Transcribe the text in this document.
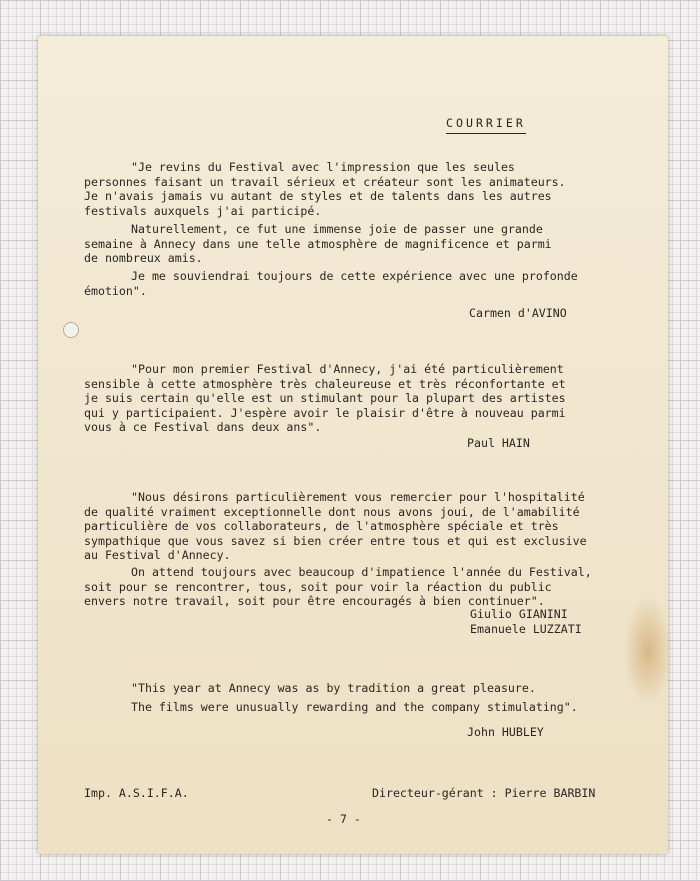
COURRIER

"Je revins du Festival avec l'impression que les seules

personnes faisant un travail sérieux et créateur sont les animateurs.

Je n'avais jamais vu autant de styles et de talents dans les autres

festivals auxquels j'ai participé.

Naturellement, ce fut une immense joie de passer une grande

semaine à Annecy dans une telle atmosphère de magnificence et parmi

de nombreux amis.

Je me souviendrai toujours de cette expérience avec une profonde

émotion".

Carmen d'AVINO

"Pour mon premier Festival d'Annecy, j'ai été particulièrement

sensible à cette atmosphère très chaleureuse et très réconfortante et

je suis certain qu'elle est un stimulant pour la plupart des artistes

qui y participaient. J'espère avoir le plaisir d'être à nouveau parmi

vous à ce Festival dans deux ans".

Paul HAIN

"Nous désirons particulièrement vous remercier pour l'hospitalité

de qualité vraiment exceptionnelle dont nous avons joui, de l'amabilité

particulière de vos collaborateurs, de l'atmosphère spéciale et très

sympathique que vous savez si bien créer entre tous et qui est exclusive

au Festival d'Annecy.

On attend toujours avec beaucoup d'impatience l'année du Festival,

soit pour se rencontrer, tous, soit pour voir la réaction du public

envers notre travail, soit pour être encouragés à bien continuer".

Giulio GIANINI

Emanuele LUZZATI

"This year at Annecy was as by tradition a great pleasure.

The films were unusually rewarding and the company stimulating".

John HUBLEY

Imp. A.S.I.F.A.	Directeur-gérant : Pierre BARBIN

- 7 -
